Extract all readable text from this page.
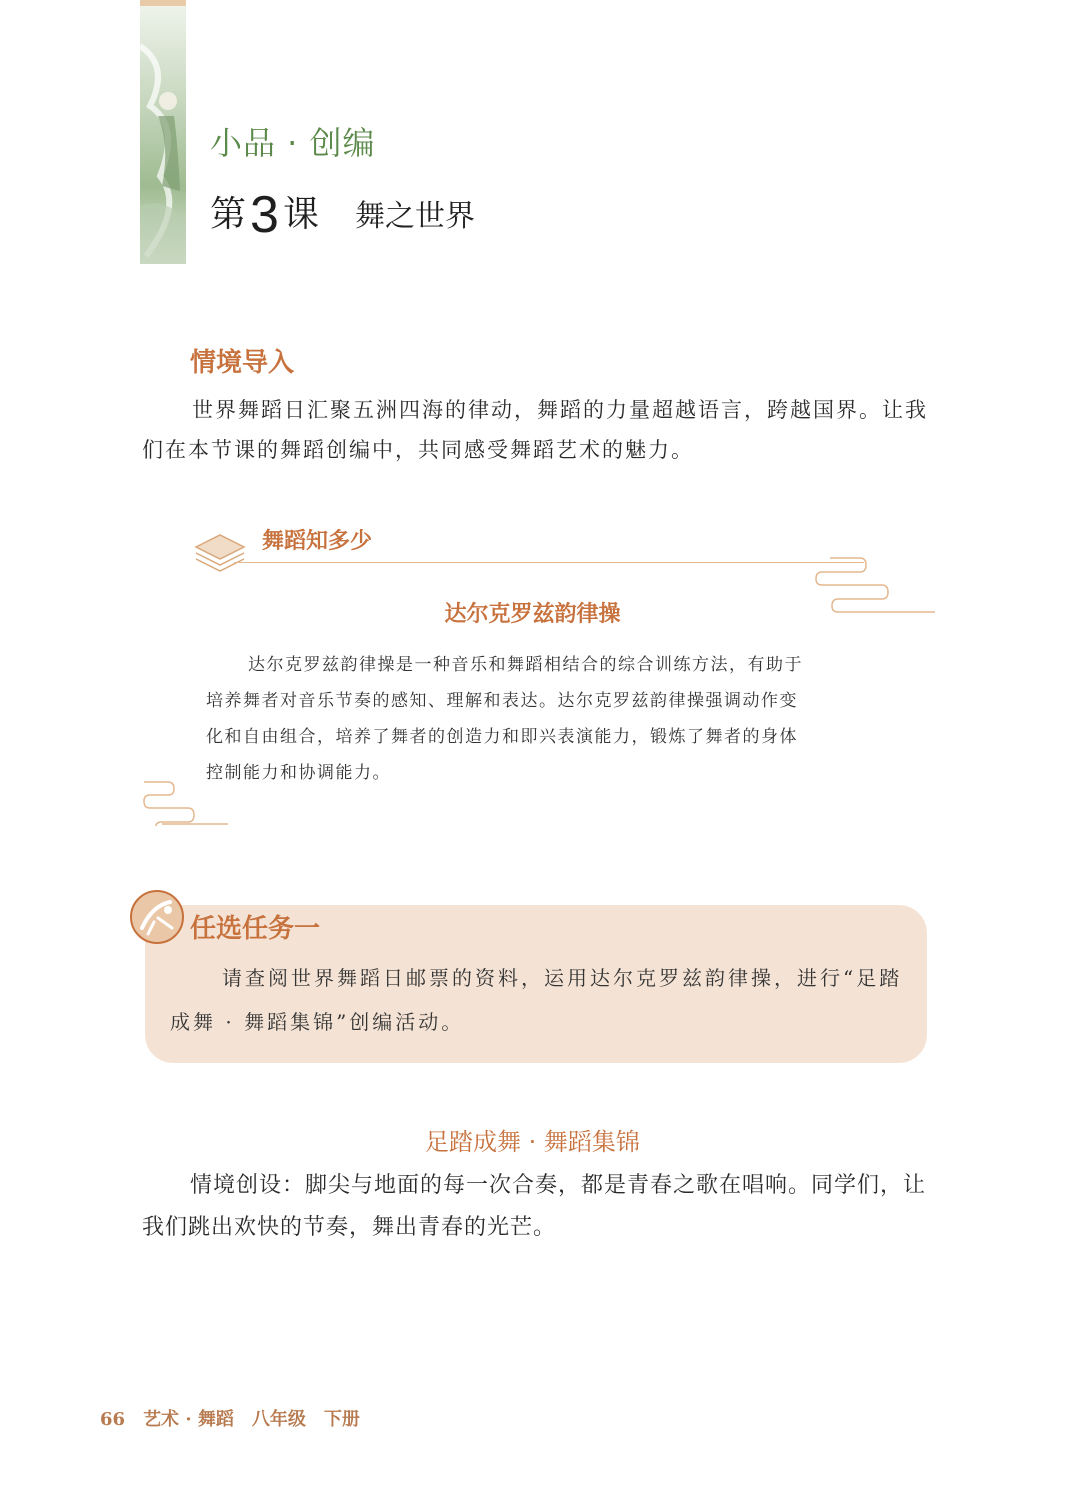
小品 · 创编
第3 课 舞之世界
情境导入
世界舞蹈日汇聚五洲四海的律动，舞蹈的力量超越语言，跨越国界。让我们在本节课的舞蹈创编中，共同感受舞蹈艺术的魅力。
舞蹈知多少
达尔克罗兹韵律操
达尔克罗兹韵律操是一种音乐和舞蹈相结合的综合训练方法，有助于培养舞者对音乐节奏的感知、理解和表达。达尔克罗兹韵律操强调动作变化和自由组合，培养了舞者的创造力和即兴表演能力，锻炼了舞者的身体控制能力和协调能力。
任选任务一
请查阅世界舞蹈日邮票的资料，运用达尔克罗兹韵律操，进行“足踏成舞 · 舞蹈集锦”创编活动。
足踏成舞 · 舞蹈集锦
情境创设：脚尖与地面的每一次合奏，都是青春之歌在唱响。同学们，让我们跳出欢快的节奏，舞出青春的光芒。
66 艺术 · 舞蹈 八年级 下册
